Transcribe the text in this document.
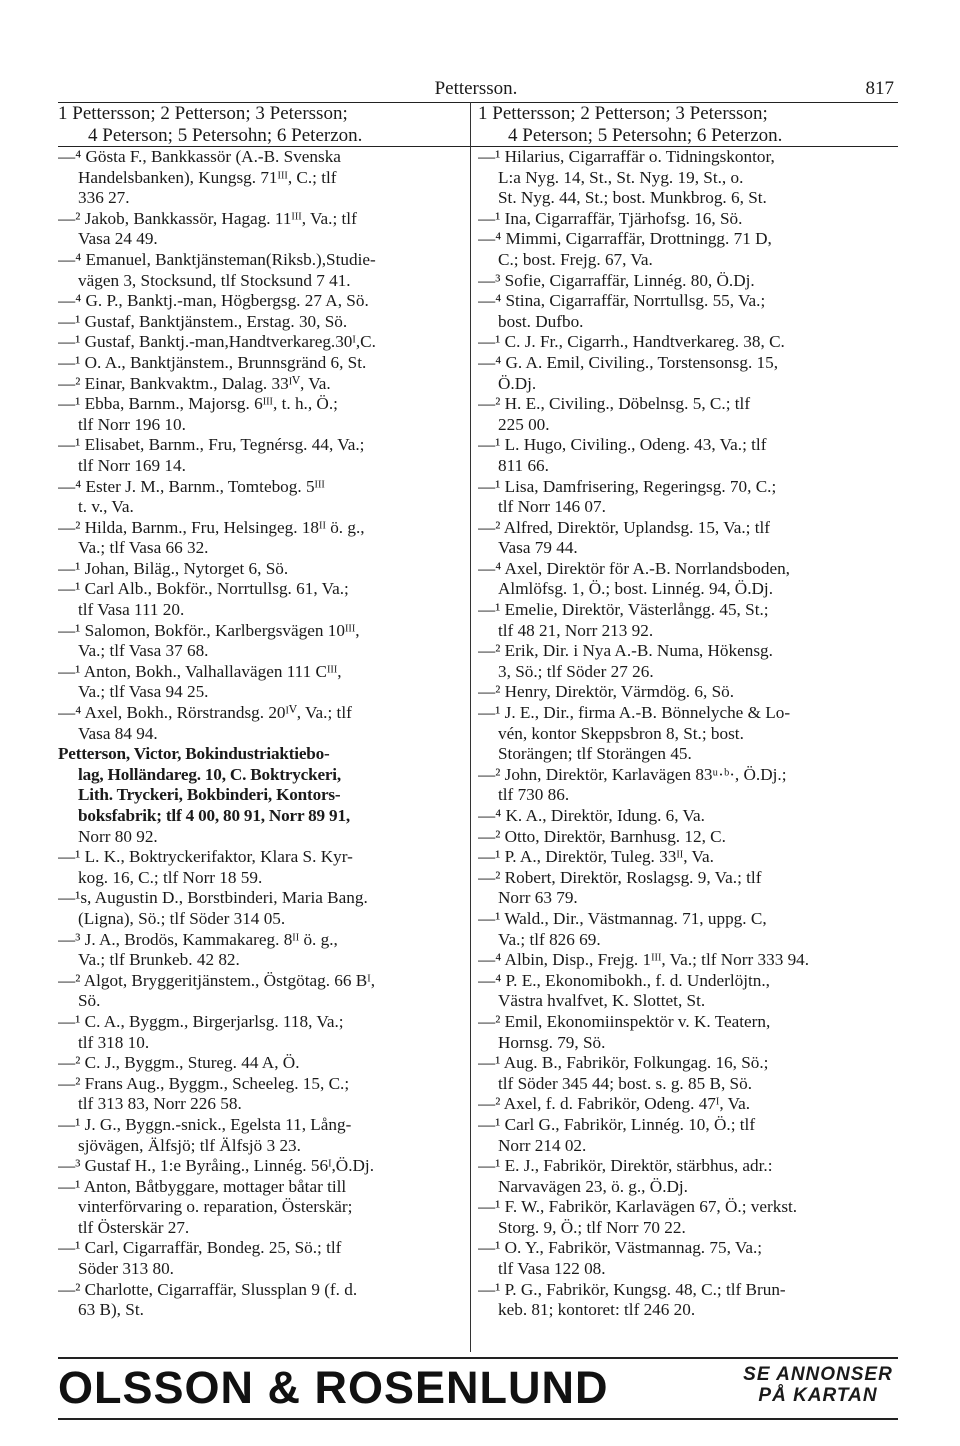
Pettersson.	817
1 Pettersson; 2 Petterson; 3 Petersson;
4 Peterson; 5 Petersohn; 6 Peterzon.
1 Pettersson; 2 Petterson; 3 Petersson;
4 Peterson; 5 Petersohn; 6 Peterzon.
—⁴ Gösta F., Bankkassör (A.-B. Svenska
Handelsbanken), Kungsg. 71ᴵᴵᴵ, C.; tlf
336 27.
—² Jakob, Bankkassör, Hagag. 11ᴵᴵᴵ, Va.; tlf
Vasa 24 49.
—⁴ Emanuel, Banktjänsteman(Riksb.),Studie-
vägen 3, Stocksund, tlf Stocksund 7 41.
—⁴ G. P., Banktj.-man, Högbergsg. 27 A, Sö.
—¹ Gustaf, Banktjänstem., Erstag. 30, Sö.
—¹ Gustaf, Banktj.-man,Handtverkareg.30ᴵ,C.
—¹ O. A., Banktjänstem., Brunnsgränd 6, St.
—² Einar, Bankvaktm., Dalag. 33ᴵⱽ, Va.
—¹ Ebba, Barnm., Majorsg. 6ᴵᴵᴵ, t. h., Ö.;
tlf Norr 196 10.
—¹ Elisabet, Barnm., Fru, Tegnérsg. 44, Va.;
tlf Norr 169 14.
—⁴ Ester J. M., Barnm., Tomtebog. 5ᴵᴵᴵ
t. v., Va.
—² Hilda, Barnm., Fru, Helsingeg. 18ᴵᴵ ö. g.,
Va.; tlf Vasa 66 32.
—¹ Johan, Biläg., Nytorget 6, Sö.
—¹ Carl Alb., Bokför., Norrtullsg. 61, Va.;
tlf Vasa 111 20.
—¹ Salomon, Bokför., Karlbergsvägen 10ᴵᴵᴵ,
Va.; tlf Vasa 37 68.
—¹ Anton, Bokh., Valhallavägen 111 Cᴵᴵᴵ,
Va.; tlf Vasa 94 25.
—⁴ Axel, Bokh., Rörstrandsg. 20ᴵⱽ, Va.; tlf
Vasa 84 94.
Petterson, Victor, Bokindustriaktiebo-
lag, Holländareg. 10, C. Boktryckeri,
Lith. Tryckeri, Bokbinderi, Kontors-
boksfabrik; tlf 4 00, 80 91, Norr 89 91,
Norr 80 92.
—¹ L. K., Boktryckerifaktor, Klara S. Kyr-
kog. 16, C.; tlf Norr 18 59.
—¹s, Augustin D., Borstbinderi, Maria Bang.
(Ligna), Sö.; tlf Söder 314 05.
—³ J. A., Brodös, Kammakareg. 8ᴵᴵ ö. g.,
Va.; tlf Brunkeb. 42 82.
—² Algot, Bryggeritjänstem., Östgötag. 66 Bᴵ,
Sö.
—¹ C. A., Byggm., Birgerjarlsg. 118, Va.;
tlf 318 10.
—² C. J., Byggm., Stureg. 44 A, Ö.
—² Frans Aug., Byggm., Scheeleg. 15, C.;
tlf 313 83, Norr 226 58.
—¹ J. G., Byggn.-snick., Egelsta 11, Lång-
sjövägen, Älfsjö; tlf Älfsjö 3 23.
—³ Gustaf H., 1:e Byråing., Linnég. 56ᴵ,Ö.Dj.
—¹ Anton, Båtbyggare, mottager båtar till
vinterförvaring o. reparation, Österskär;
tlf Österskär 27.
—¹ Carl, Cigarraffär, Bondeg. 25, Sö.; tlf
Söder 313 80.
—² Charlotte, Cigarraffär, Slussplan 9 (f. d.
63 B), St.
—¹ Hilarius, Cigarraffär o. Tidningskontor,
L:a Nyg. 14, St., St. Nyg. 19, St., o.
St. Nyg. 44, St.; bost. Munkbrog. 6, St.
—¹ Ina, Cigarraffär, Tjärhofsg. 16, Sö.
—⁴ Mimmi, Cigarraffär, Drottningg. 71 D,
C.; bost. Frejg. 67, Va.
—³ Sofie, Cigarraffär, Linnég. 80, Ö.Dj.
—⁴ Stina, Cigarraffär, Norrtullsg. 55, Va.;
bost. Dufbo.
—¹ C. J. Fr., Cigarrh., Handtverkareg. 38, C.
—⁴ G. A. Emil, Civiling., Torstensonsg. 15,
Ö.Dj.
—² H. E., Civiling., Döbelnsg. 5, C.; tlf
225 00.
—¹ L. Hugo, Civiling., Odeng. 43, Va.; tlf
811 66.
—¹ Lisa, Damfrisering, Regeringsg. 70, C.;
tlf Norr 146 07.
—² Alfred, Direktör, Uplandsg. 15, Va.; tlf
Vasa 79 44.
—⁴ Axel, Direktör för A.-B. Norrlandsboden,
Almlöfsg. 1, Ö.; bost. Linnég. 94, Ö.Dj.
—¹ Emelie, Direktör, Västerlångg. 45, St.;
tlf 48 21, Norr 213 92.
—² Erik, Dir. i Nya A.-B. Numa, Hökensg.
3, Sö.; tlf Söder 27 26.
—² Henry, Direktör, Värmdög. 6, Sö.
—¹ J. E., Dir., firma A.-B. Bönnelyche & Lo-
vén, kontor Skeppsbron 8, St.; bost.
Storängen; tlf Storängen 45.
—² John, Direktör, Karlavägen 83ᵘ·ᵇ·, Ö.Dj.;
tlf 730 86.
—⁴ K. A., Direktör, Idung. 6, Va.
—² Otto, Direktör, Barnhusg. 12, C.
—¹ P. A., Direktör, Tuleg. 33ᴵᴵ, Va.
—² Robert, Direktör, Roslagsg. 9, Va.; tlf
Norr 63 79.
—¹ Wald., Dir., Västmannag. 71, uppg. C,
Va.; tlf 826 69.
—⁴ Albin, Disp., Frejg. 1ᴵᴵᴵ, Va.; tlf Norr 333 94.
—⁴ P. E., Ekonomibokh., f. d. Underlöjtn.,
Västra hvalfvet, K. Slottet, St.
—² Emil, Ekonomiinspektör v. K. Teatern,
Hornsg. 79, Sö.
—¹ Aug. B., Fabrikör, Folkungag. 16, Sö.;
tlf Söder 345 44; bost. s. g. 85 B, Sö.
—² Axel, f. d. Fabrikör, Odeng. 47ᴵ, Va.
—¹ Carl G., Fabrikör, Linnég. 10, Ö.; tlf
Norr 214 02.
—¹ E. J., Fabrikör, Direktör, stärbhus, adr.:
Narvavägen 23, ö. g., Ö.Dj.
—¹ F. W., Fabrikör, Karlavägen 67, Ö.; verkst.
Storg. 9, Ö.; tlf Norr 70 22.
—¹ O. Y., Fabrikör, Västmannag. 75, Va.;
tlf Vasa 122 08.
—¹ P. G., Fabrikör, Kungsg. 48, C.; tlf Brun-
keb. 81; kontoret: tlf 246 20.
OLSSON & ROSENLUND	SE ANNONSER
PÅ KARTAN
